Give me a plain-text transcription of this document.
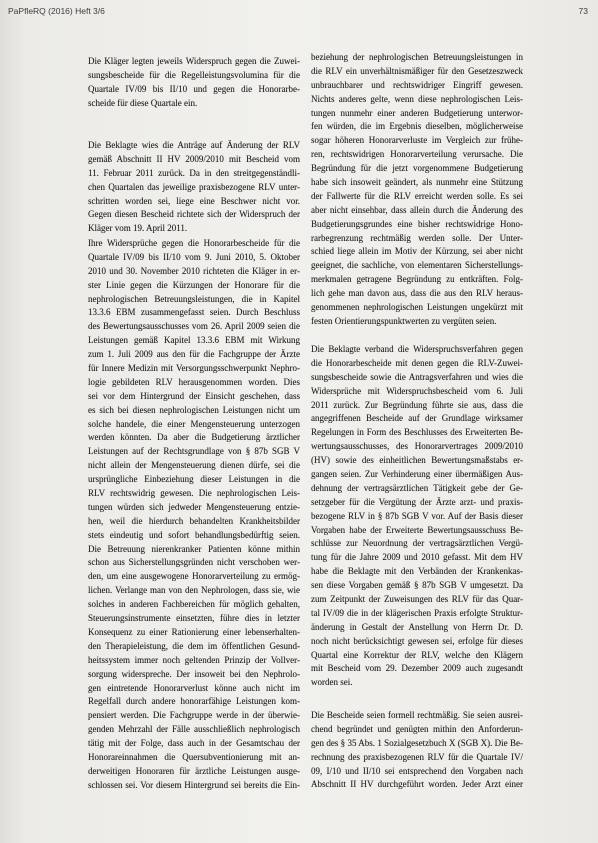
PaPfleRQ (2016) Heft 3/6	73
Die Kläger legten jeweils Widerspruch gegen die Zuwei-
sungsbescheide für die Regelleistungsvolumina für die
Quartale IV/09 bis II/10 und gegen die Honorarbe-
scheide für diese Quartale ein.
Die Beklagte wies die Anträge auf Änderung der RLV
gemäß Abschnitt II HV 2009/2010 mit Bescheid vom
11. Februar 2011 zurück. Da in den streitgegenständli-
chen Quartalen das jeweilige praxisbezogene RLV unter-
schritten worden sei, liege eine Beschwer nicht vor.
Gegen diesen Bescheid richtete sich der Widerspruch der
Kläger vom 19. April 2011.
Ihre Widersprüche gegen die Honorarbescheide für die
Quartale IV/09 bis II/10 vom 9. Juni 2010, 5. Oktober
2010 und 30. November 2010 richteten die Kläger in er-
ster Linie gegen die Kürzungen der Honorare für die
nephrologischen Betreuungsleistungen, die in Kapitel
13.3.6 EBM zusammengefasst seien. Durch Beschluss
des Bewertungsausschusses vom 26. April 2009 seien die
Leistungen gemäß Kapitel 13.3.6 EBM mit Wirkung
zum 1. Juli 2009 aus den für die Fachgruppe der Ärzte
für Innere Medizin mit Versorgungsschwerpunkt Nephro-
logie gebildeten RLV herausgenommen worden. Dies
sei vor dem Hintergrund der Einsicht geschehen, dass
es sich bei diesen nephrologischen Leistungen nicht um
solche handele, die einer Mengensteuerung unterzogen
werden könnten. Da aber die Budgetierung ärztlicher
Leistungen auf der Rechtsgrundlage von § 87b SGB V
nicht allein der Mengensteuerung dienen dürfe, sei die
ursprüngliche Einbeziehung dieser Leistungen in die
RLV rechtswidrig gewesen. Die nephrologischen Leis-
tungen würden sich jedweder Mengensteuerung entzie-
hen, weil die hierdurch behandelten Krankheitsbilder
stets eindeutig und sofort behandlungsbedürftig seien.
Die Betreuung nierenkranker Patienten könne mithin
schon aus Sicherstellungsgründen nicht verschoben wer-
den, um eine ausgewogene Honorarverteilung zu ermög-
lichen. Verlange man von den Nephrologen, dass sie, wie
solches in anderen Fachbereichen für möglich gehalten,
Steuerungsinstrumente einsetzten, führe dies in letzter
Konsequenz zu einer Rationierung einer lebenserhalten-
den Therapieleistung, die dem im öffentlichen Gesund-
heitssystem immer noch geltenden Prinzip der Vollver-
sorgung widerspreche. Der insoweit bei den Nephrolo-
gen eintretende Honorarverlust könne auch nicht im
Regelfall durch andere honorarfähige Leistungen kom-
pensiert werden. Die Fachgruppe werde in der überwie-
genden Mehrzahl der Fälle ausschließlich nephrologisch
tätig mit der Folge, dass auch in der Gesamtschau der
Honorareinnahmen die Quersubventionierung mit an-
derweitigen Honoraren für ärztliche Leistungen ausge-
schlossen sei. Vor diesem Hintergrund sei bereits die Ein-
beziehung der nephrologischen Betreuungsleistungen in
die RLV ein unverhältnismäßiger für den Gesetzeszweck
unbrauchbarer und rechtswidriger Eingriff gewesen.
Nichts anderes gelte, wenn diese nephrologischen Leis-
tungen nunmehr einer anderen Budgetierung unterwor-
fen würden, die im Ergebnis dieselben, möglicherweise
sogar höheren Honorarverluste im Vergleich zur frühe-
ren, rechtswidrigen Honorarverteilung verursache. Die
Begründung für die jetzt vorgenommene Budgetierung
habe sich insoweit geändert, als nunmehr eine Stützung
der Fallwerte für die RLV erreicht werden solle. Es sei
aber nicht einsehbar, dass allein durch die Änderung des
Budgetierungsgrundes eine bisher rechtswidrige Hono-
rarbegrenzung rechtmäßig werden solle. Der Unter-
schied liege allein im Motiv der Kürzung, sei aber nicht
geeignet, die sachliche, von elementaren Sicherstellungs-
merkmalen getragene Begründung zu entkräften. Folg-
lich gehe man davon aus, dass die aus den RLV heraus-
genommenen nephrologischen Leistungen ungekürzt mit
festen Orientierungspunktwerten zu vergüten seien.
Die Beklagte verband die Widerspruchsverfahren gegen
die Honorarbescheide mit denen gegen die RLV-Zuwei-
sungsbescheide sowie die Antragsverfahren und wies die
Widersprüche mit Widerspruchsbescheid vom 6. Juli
2011 zurück. Zur Begründung führte sie aus, dass die
angegriffenen Bescheide auf der Grundlage wirksamer
Regelungen in Form des Beschlusses des Erweiterten Be-
wertungsausschusses, des Honorarvertrages 2009/2010
(HV) sowie des einheitlichen Bewertungsmaßstabs er-
gangen seien. Zur Verhinderung einer übermäßigen Aus-
dehnung der vertragsärztlichen Tätigkeit gebe der Ge-
setzgeber für die Vergütung der Ärzte arzt- und praxis-
bezogene RLV in § 87b SGB V vor. Auf der Basis dieser
Vorgaben habe der Erweiterte Bewertungsausschuss Be-
schlüsse zur Neuordnung der vertragsärztlichen Vergü-
tung für die Jahre 2009 und 2010 gefasst. Mit dem HV
habe die Beklagte mit den Verbänden der Krankenkas-
sen diese Vorgaben gemäß § 87b SGB V umgesetzt. Da
zum Zeitpunkt der Zuweisungen des RLV für das Quar-
tal IV/09 die in der klägerischen Praxis erfolgte Struktur-
änderung in Gestalt der Anstellung von Herrn Dr. D.
noch nicht berücksichtigt gewesen sei, erfolge für dieses
Quartal eine Korrektur der RLV, welche den Klägern
mit Bescheid vom 29. Dezember 2009 auch zugesandt
worden sei.
Die Bescheide seien formell rechtmäßig. Sie seien ausrei-
chend begründet und genügten mithin den Anforderun-
gen des § 35 Abs. 1 Sozialgesetzbuch X (SGB X). Die Be-
rechnung des praxisbezogenen RLV für die Quartale IV/
09, I/10 und II/10 sei entsprechend den Vorgaben nach
Abschnitt II HV durchgeführt worden. Jeder Arzt einer
